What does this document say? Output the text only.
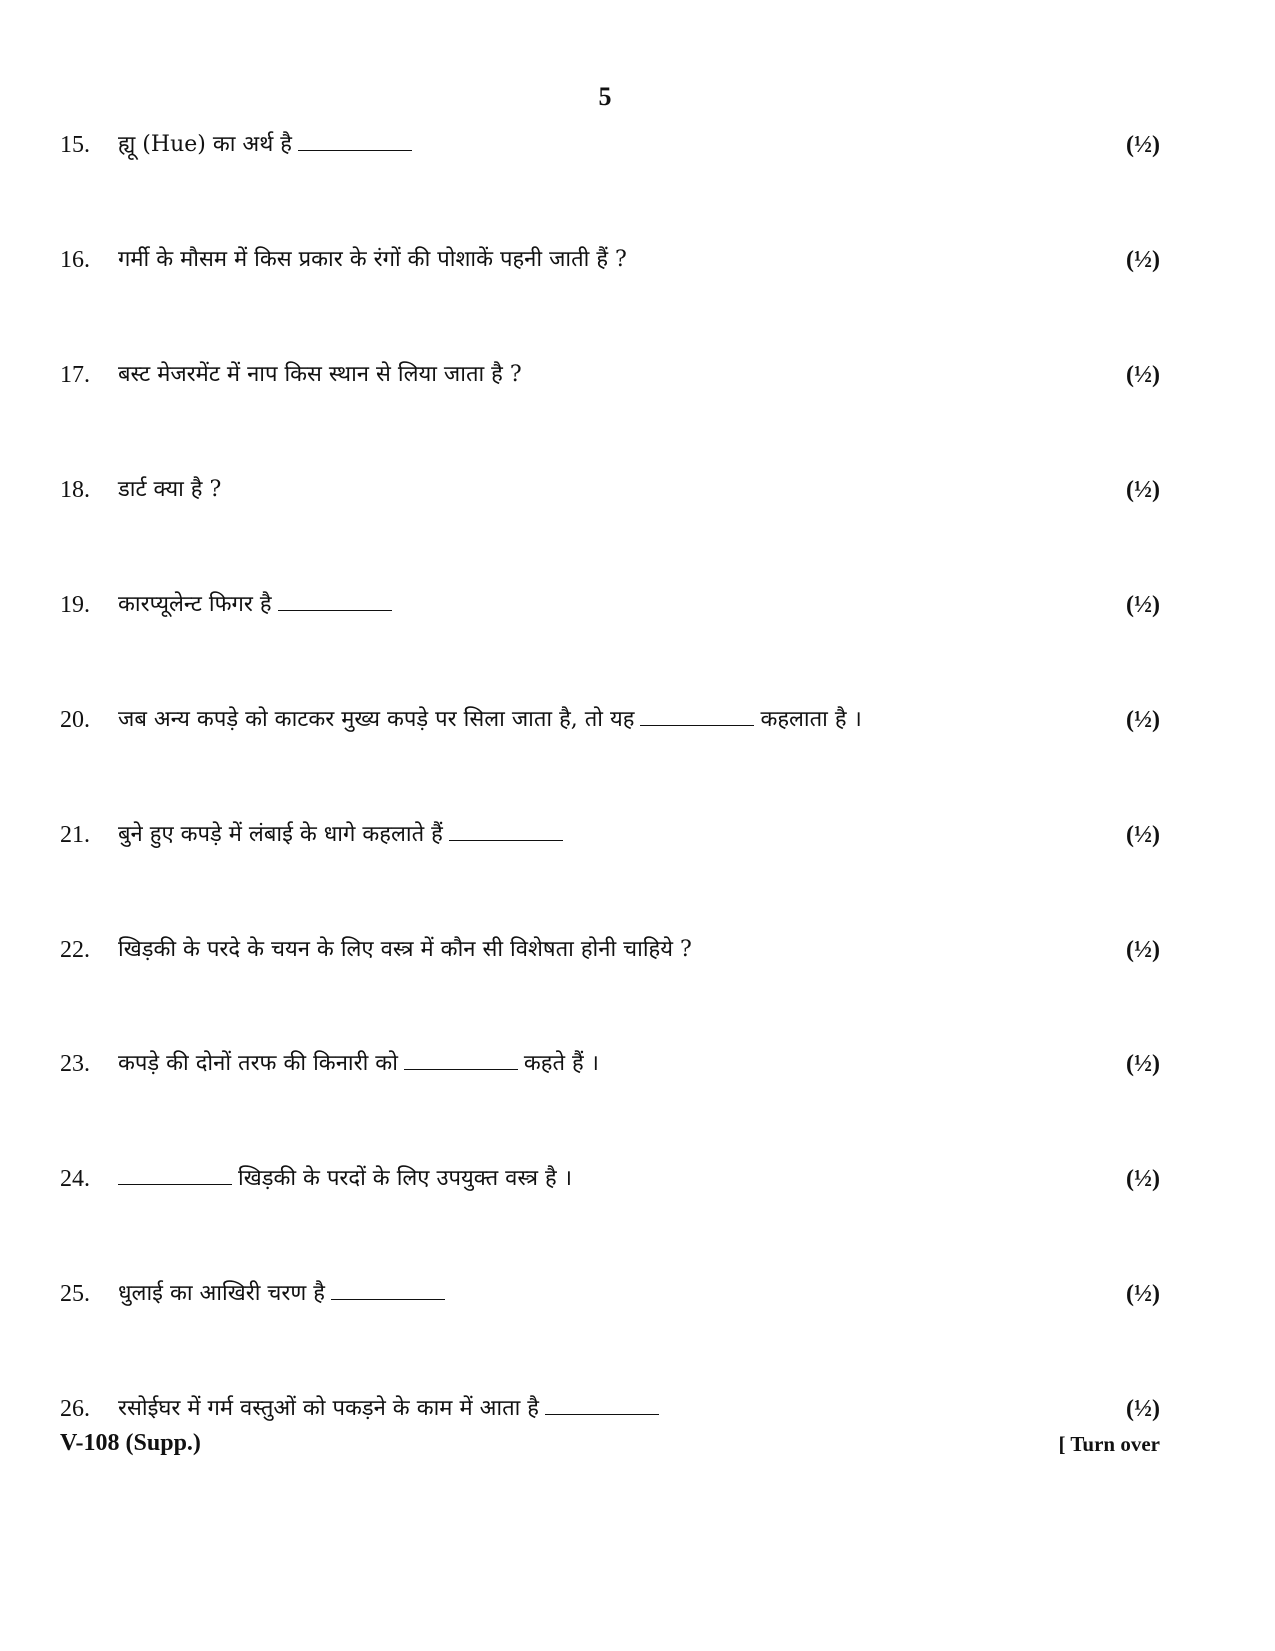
5
15. ह्यू (Hue) का अर्थ है	(½)
16. गर्मी के मौसम में किस प्रकार के रंगों की पोशाकें पहनी जाती हैं ?	(½)
17. बस्ट मेजरमेंट में नाप किस स्थान से लिया जाता है ?	(½)
18. डार्ट क्या है ?	(½)
19. कारप्यूलेन्ट फिगर है	(½)
20. जब अन्य कपड़े को काटकर मुख्य कपड़े पर सिला जाता है, तो यह	कहलाता है ।	(½)
21. बुने हुए कपड़े में लंबाई के धागे कहलाते हैं	(½)
22. खिड़की के परदे के चयन के लिए वस्त्र में कौन सी विशेषता होनी चाहिये ?	(½)
23. कपड़े की दोनों तरफ की किनारी को	कहते हैं ।	(½)
24.	खिड़की के परदों के लिए उपयुक्त वस्त्र है ।	(½)
25. धुलाई का आखिरी चरण है	(½)
26. रसोईघर में गर्म वस्तुओं को पकड़ने के काम में आता है	(½)
V-108 (Supp.)	[ Turn over
